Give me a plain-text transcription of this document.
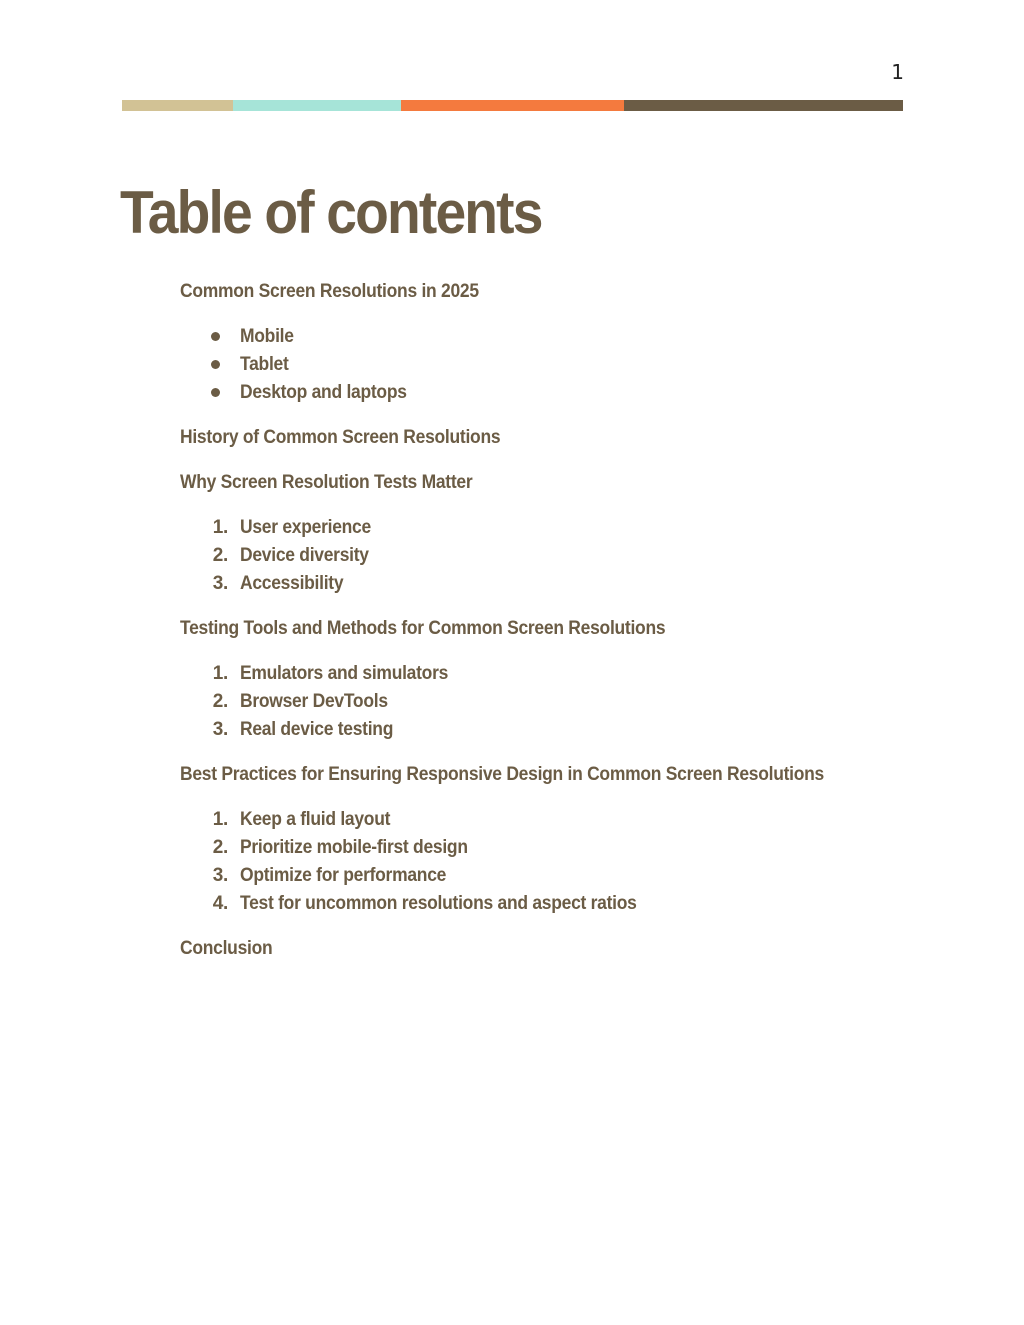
1
Table of contents
Common Screen Resolutions in 2025
Mobile
Tablet
Desktop and laptops
History of Common Screen Resolutions
Why Screen Resolution Tests Matter
1. User experience
2. Device diversity
3. Accessibility
Testing Tools and Methods for Common Screen Resolutions
1. Emulators and simulators
2. Browser DevTools
3. Real device testing
Best Practices for Ensuring Responsive Design in Common Screen Resolutions
1. Keep a fluid layout
2. Prioritize mobile-first design
3. Optimize for performance
4. Test for uncommon resolutions and aspect ratios
Conclusion
